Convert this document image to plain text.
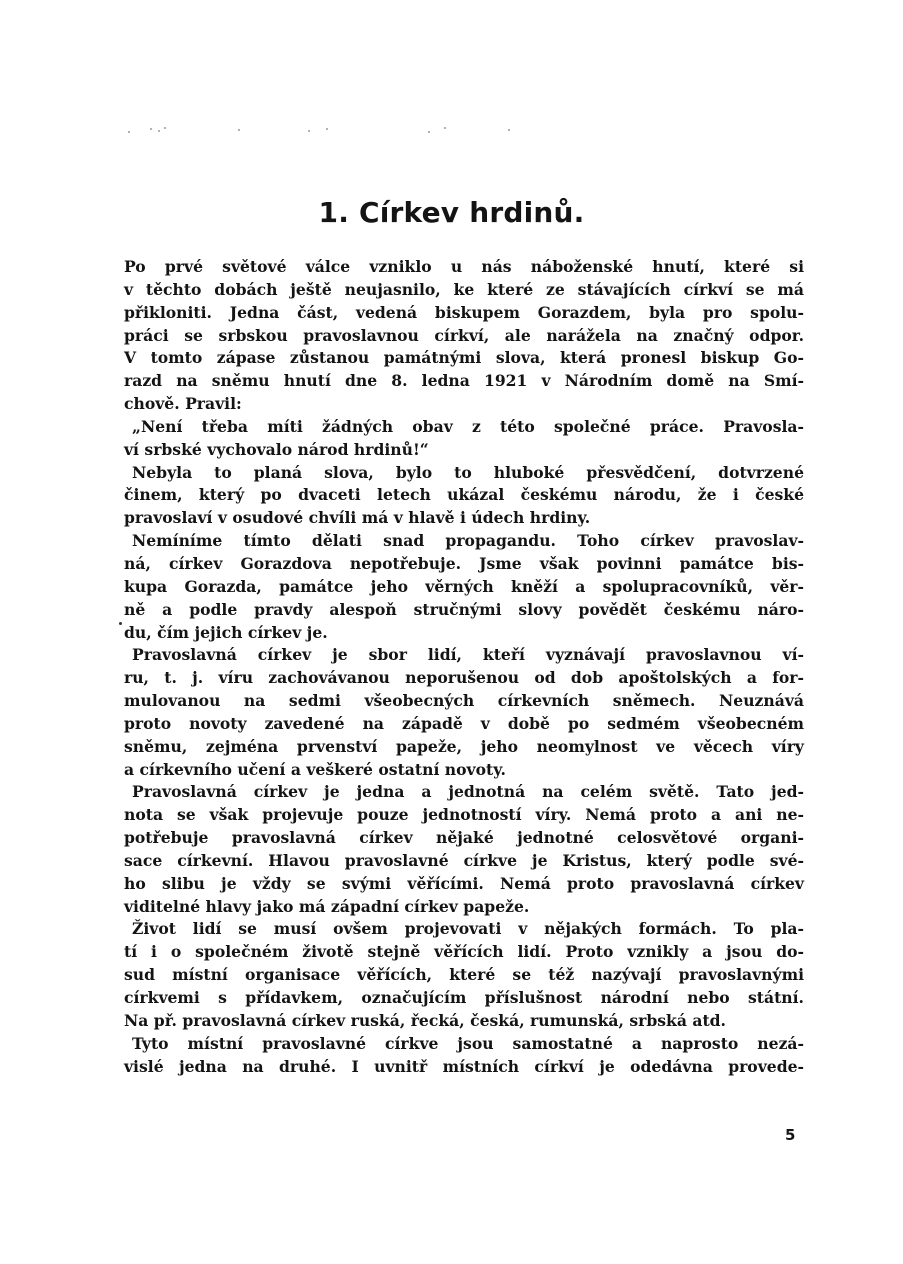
1. Církev hrdinů.
Po prvé světové válce vzniklo u nás náboženské hnutí, které si
v těchto dobách ještě neujasnilo, ke které ze stávajících církví se má
přikloniti. Jedna část, vedená biskupem Gorazdem, byla pro spolu-
práci se srbskou pravoslavnou církví, ale narážela na značný odpor.
V tomto zápase zůstanou památnými slova, která pronesl biskup Go-
razd na sněmu hnutí dne 8. ledna 1921 v Národním domě na Smí-
chově. Pravil:
„Není třeba míti žádných obav z této společné práce. Pravosla-
ví srbské vychovalo národ hrdinů!“
Nebyla to planá slova, bylo to hluboké přesvědčení, dotvrzené
činem, který po dvaceti letech ukázal českému národu, že i české
pravoslaví v osudové chvíli má v hlavě i údech hrdiny.
Nemíníme tímto dělati snad propagandu. Toho církev pravoslav-
ná, církev Gorazdova nepotřebuje. Jsme však povinni památce bis-
kupa Gorazda, památce jeho věrných kněží a spolupracovníků, věr-
ně a podle pravdy alespoň stručnými slovy povědět českému náro-
du, čím jejich církev je.
Pravoslavná církev je sbor lidí, kteří vyznávají pravoslavnou ví-
ru, t. j. víru zachovávanou neporušenou od dob apoštolských a for-
mulovanou na sedmi všeobecných církevních sněmech. Neuznává
proto novoty zavedené na západě v době po sedmém všeobecném
sněmu, zejména prvenství papeže, jeho neomylnost ve věcech víry
a církevního učení a veškeré ostatní novoty.
Pravoslavná církev je jedna a jednotná na celém světě. Tato jed-
nota se však projevuje pouze jednotností víry. Nemá proto a ani ne-
potřebuje pravoslavná církev nějaké jednotné celosvětové organi-
sace církevní. Hlavou pravoslavné církve je Kristus, který podle své-
ho slibu je vždy se svými věřícími. Nemá proto pravoslavná církev
viditelné hlavy jako má západní církev papeže.
Život lidí se musí ovšem projevovati v nějakých formách. To pla-
tí i o společném životě stejně věřících lidí. Proto vznikly a jsou do-
sud místní organisace věřících, které se též nazývají pravoslavnými
církvemi s přídavkem, označujícím příslušnost národní nebo státní.
Na př. pravoslavná církev ruská, řecká, česká, rumunská, srbská atd.
Tyto místní pravoslavné církve jsou samostatné a naprosto nezá-
vislé jedna na druhé. I uvnitř místních církví je odedávna provede-
5
